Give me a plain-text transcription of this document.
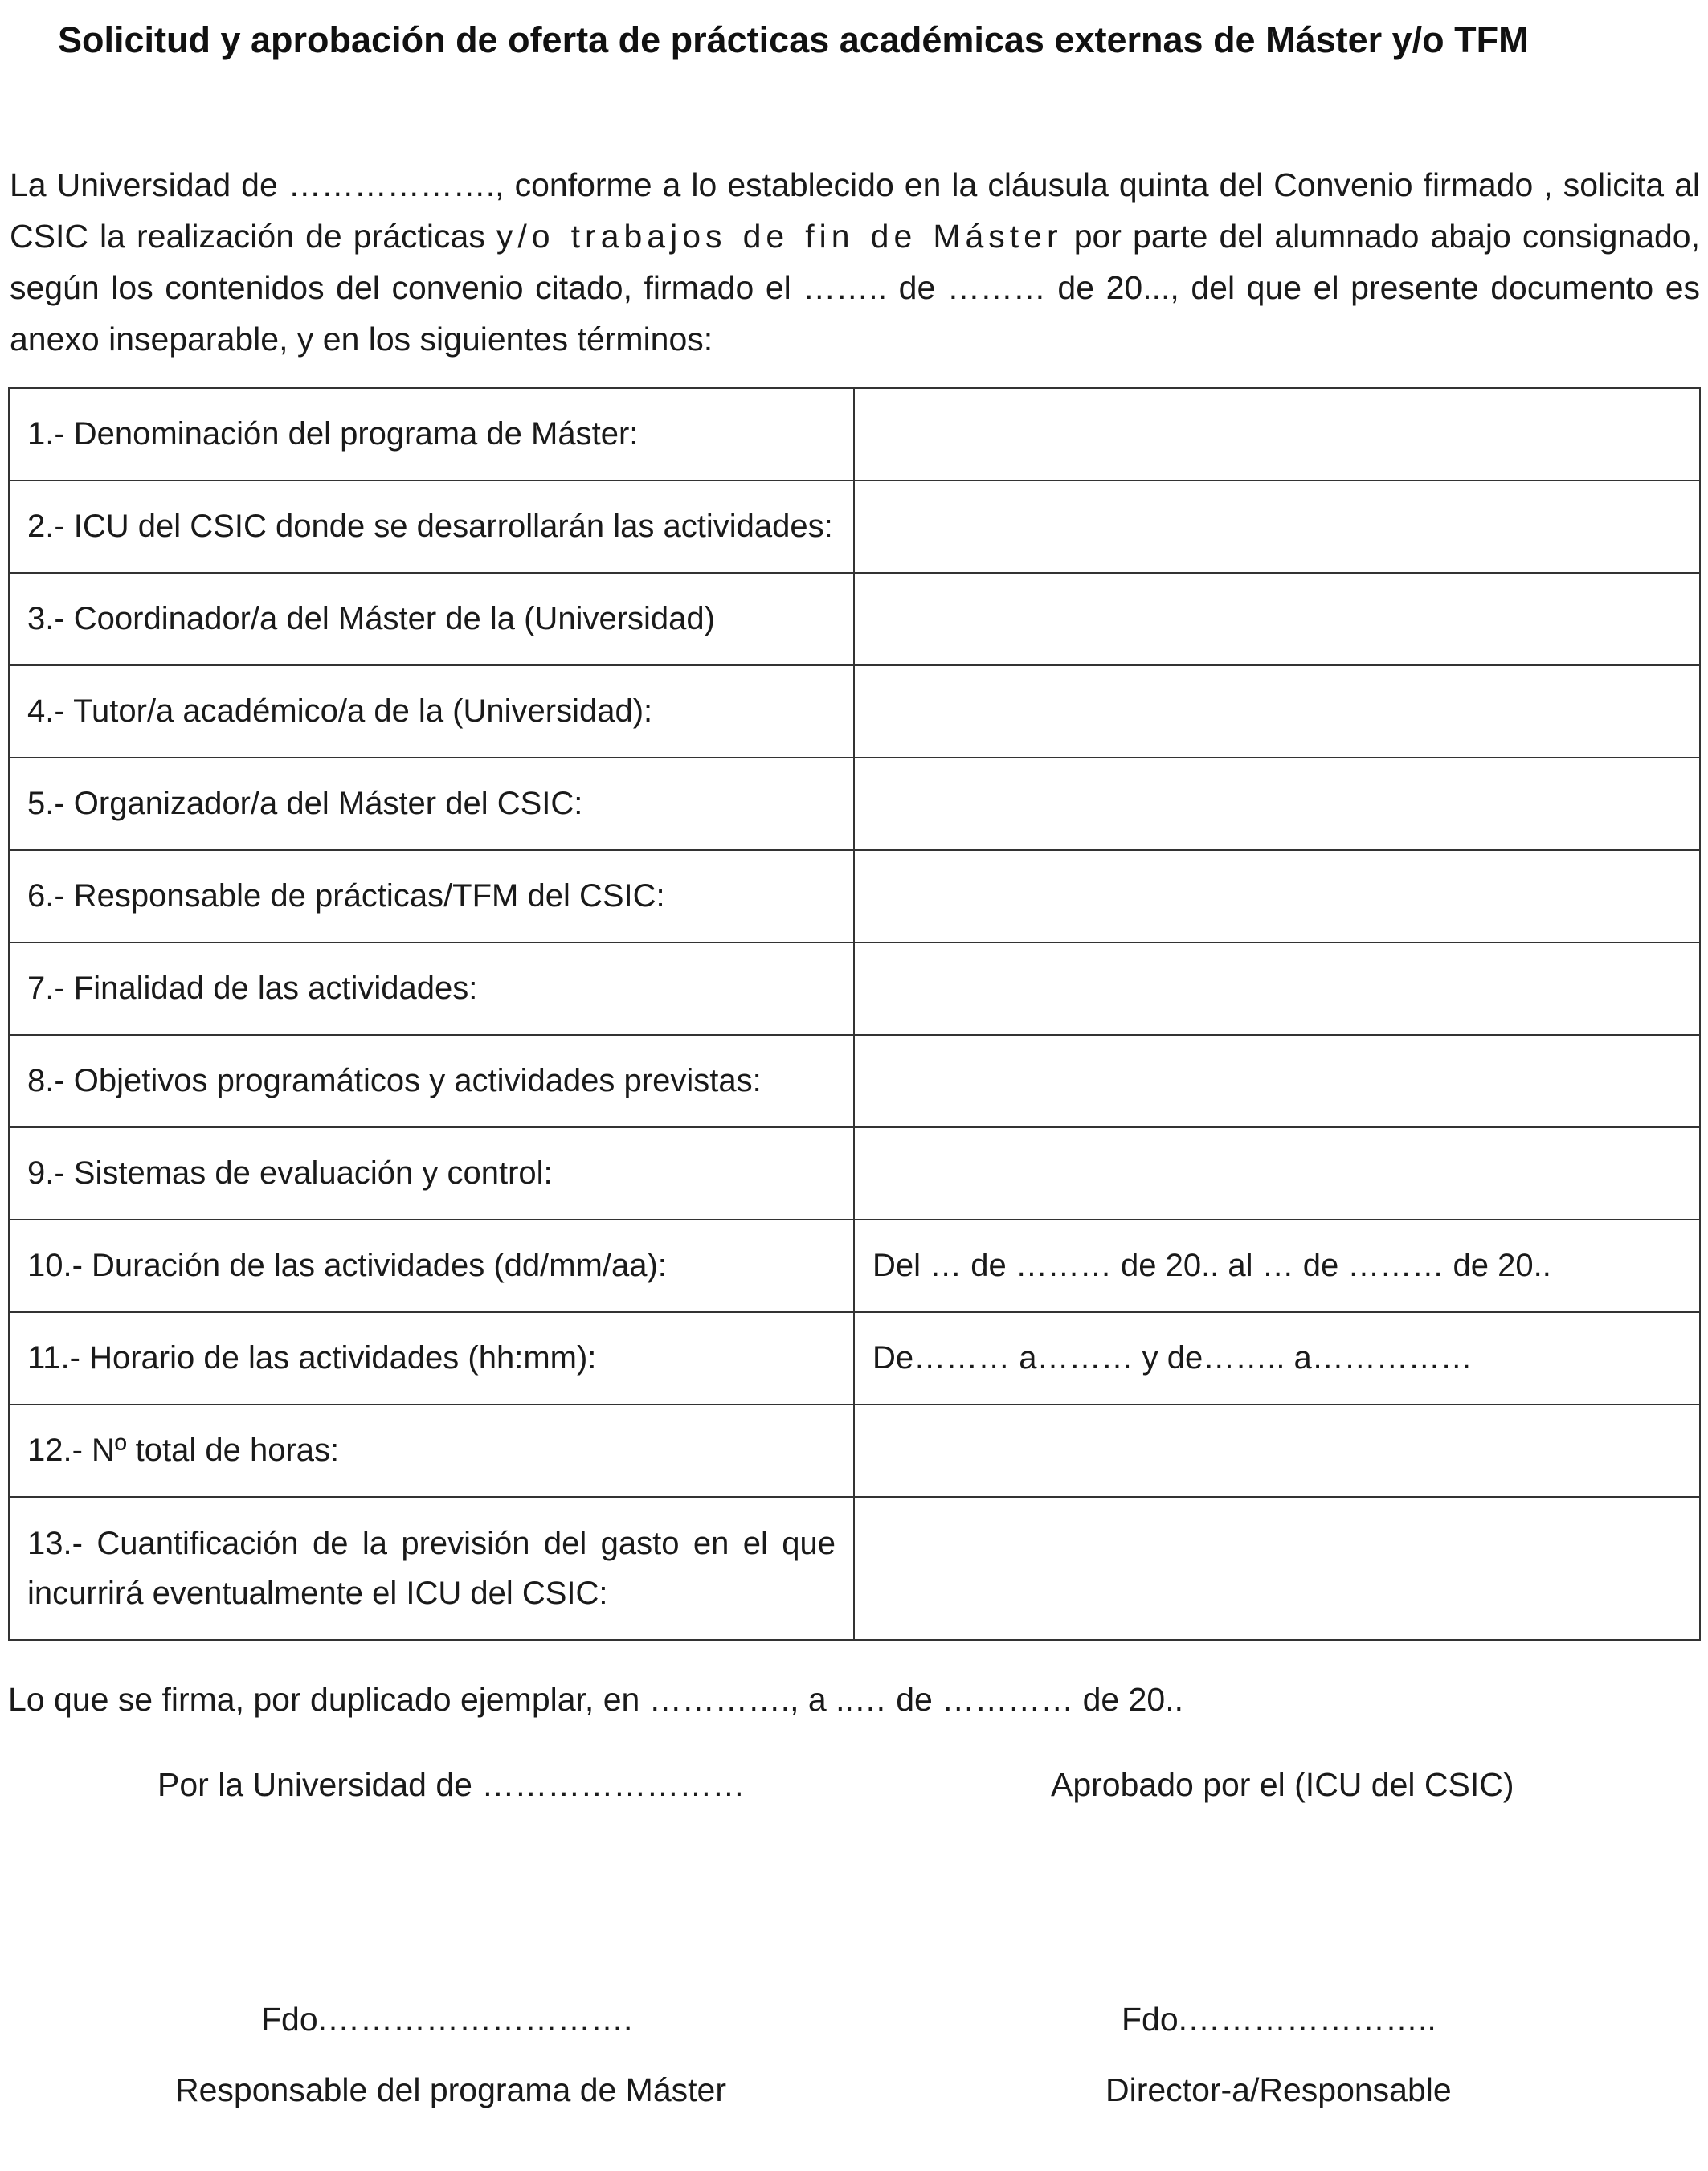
Solicitud y aprobación de oferta de prácticas académicas externas de Máster y/o TFM

La Universidad de ………………., conforme a lo establecido en la cláusula quinta del Convenio firmado , solicita al CSIC la realización de prácticas y/o trabajos de fin de Máster por parte del alumnado abajo consignado, según los contenidos del convenio citado, firmado el …….. de ……… de 20..., del que el presente documento es anexo inseparable, y en los siguientes términos:

1.- Denominación del programa de Máster:	
2.- ICU del CSIC donde se desarrollarán las actividades:	
3.- Coordinador/a del Máster de la (Universidad)	
4.- Tutor/a académico/a de la (Universidad):	
5.- Organizador/a del Máster del CSIC:	
6.- Responsable de prácticas/TFM del CSIC:	
7.- Finalidad de las actividades:	
8.- Objetivos programáticos y actividades previstas:	
9.- Sistemas de evaluación y control:	
10.- Duración de las actividades (dd/mm/aa):	Del … de ……… de 20.. al … de ……… de 20..
11.- Horario de las actividades (hh:mm):	De……… a……… y de…….. a……………
12.- Nº total de horas:	
13.- Cuantificación de la previsión del gasto en el que incurrirá eventualmente el ICU del CSIC:	
Lo que se firma, por duplicado ejemplar, en …………., a ..… de ………… de 20..
Por la Universidad de ……………………
Fdo.……………………….
Responsable del programa de Máster
Aprobado por el (ICU del CSIC)
Fdo.…………………..
Director-a/Responsable
